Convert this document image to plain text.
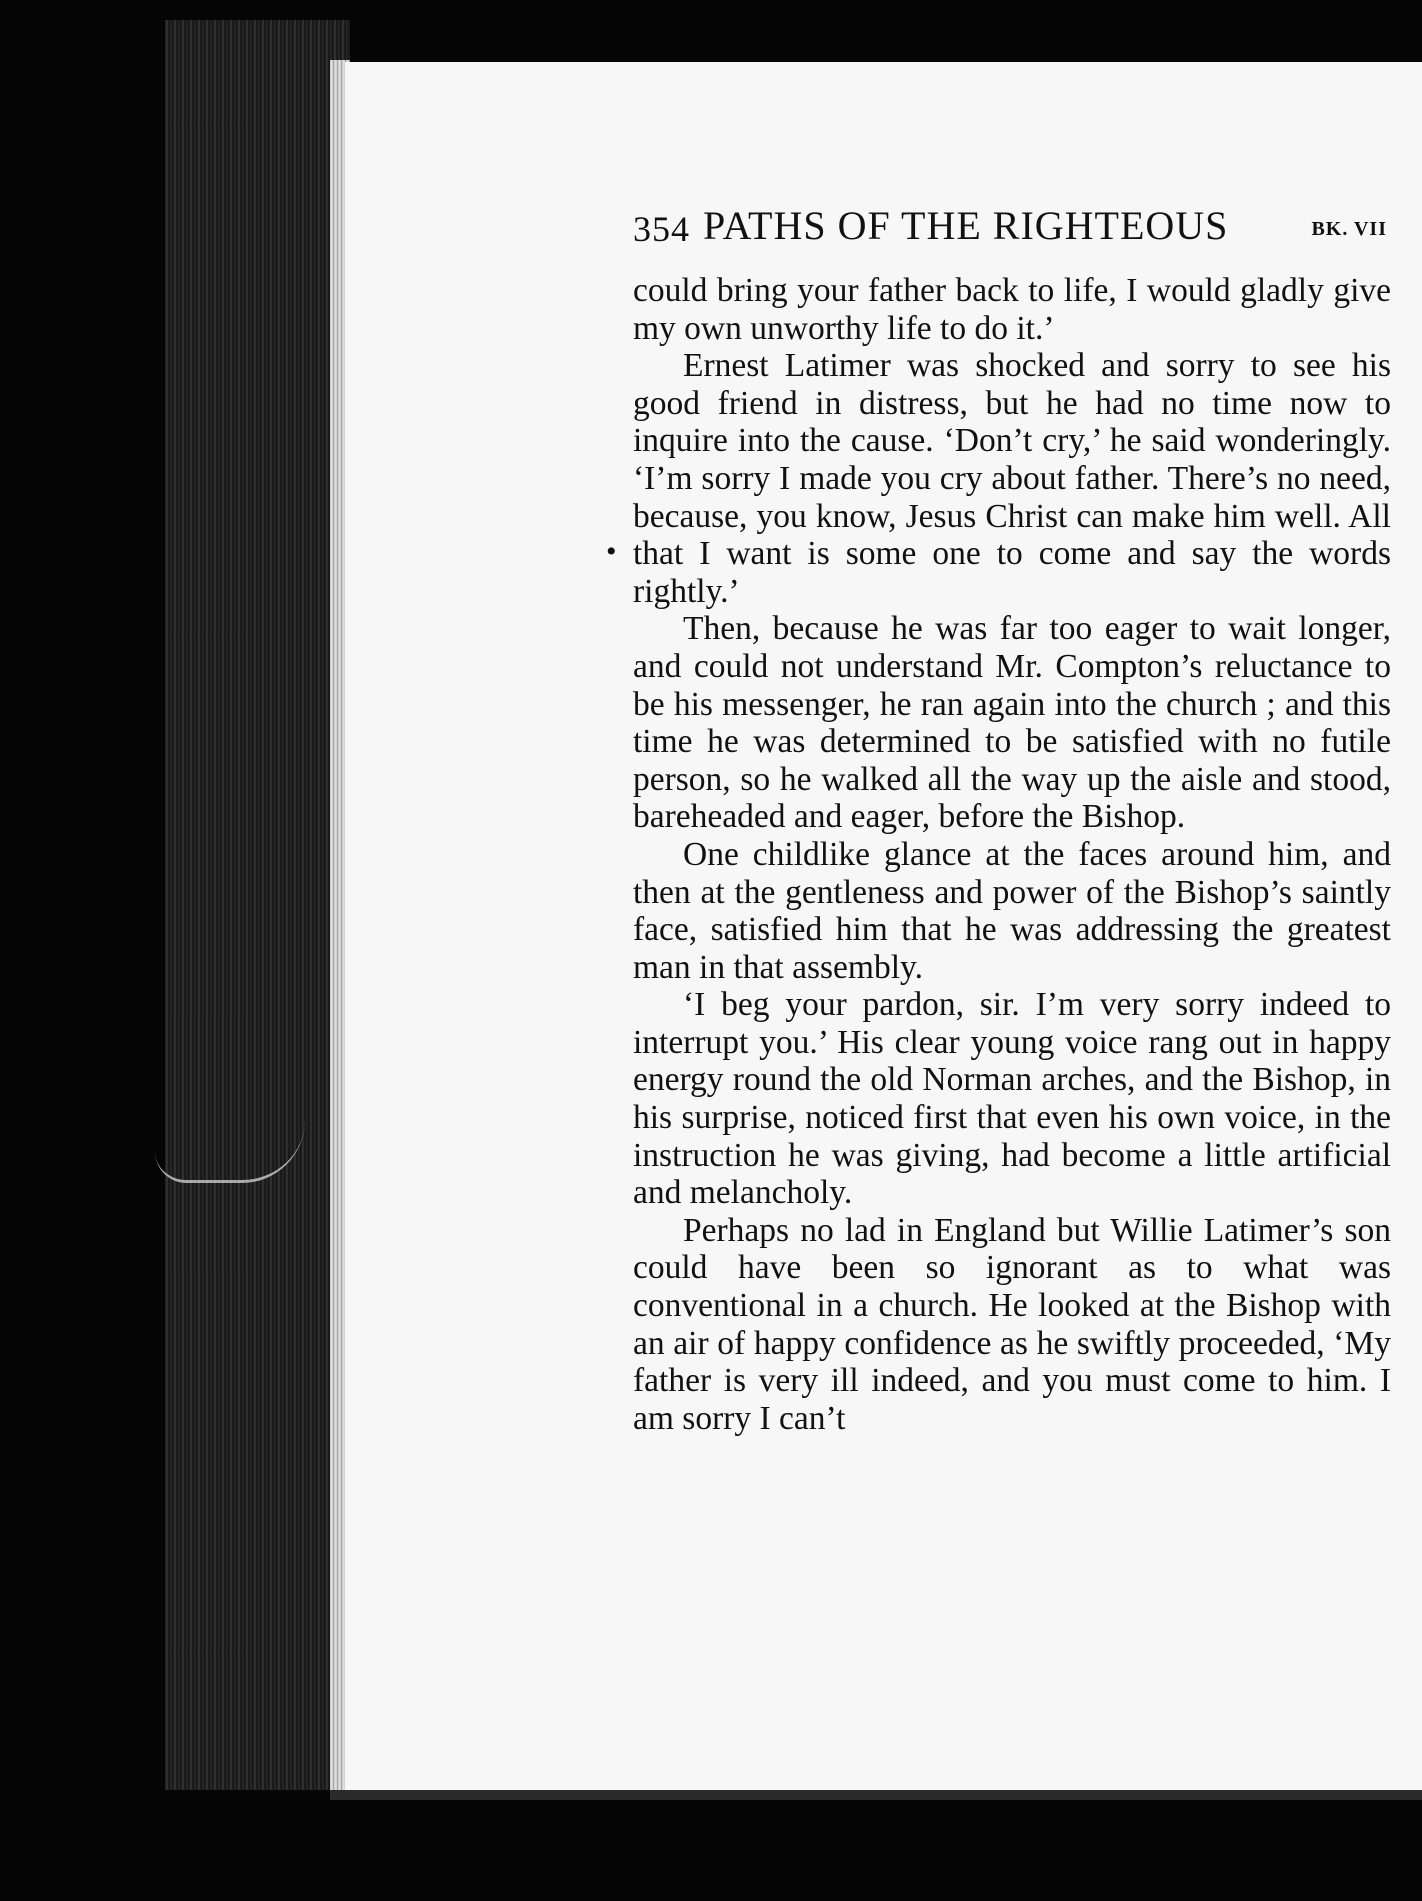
354 PATHS OF THE RIGHTEOUS	BK. VII
•

could bring your father back to life, I would gladly give my own unworthy life to do it.’

Ernest Latimer was shocked and sorry to see his good friend in distress, but he had no time now to inquire into the cause. ‘Don’t cry,’ he said wonderingly. ‘I’m sorry I made you cry about father. There’s no need, because, you know, Jesus Christ can make him well. All that I want is some one to come and say the words rightly.’

Then, because he was far too eager to wait longer, and could not understand Mr. Compton’s reluctance to be his messenger, he ran again into the church ; and this time he was determined to be satisfied with no futile person, so he walked all the way up the aisle and stood, bareheaded and eager, before the Bishop.

One childlike glance at the faces around him, and then at the gentleness and power of the Bishop’s saintly face, satisfied him that he was addressing the greatest man in that assembly.

‘I beg your pardon, sir. I’m very sorry indeed to interrupt you.’ His clear young voice rang out in happy energy round the old Norman arches, and the Bishop, in his surprise, noticed first that even his own voice, in the instruction he was giving, had become a little artificial and melancholy.

Perhaps no lad in England but Willie Latimer’s son could have been so ignorant as to what was conventional in a church. He looked at the Bishop with an air of happy confidence as he swiftly proceeded, ‘My father is very ill indeed, and you must come to him. I am sorry I can’t
